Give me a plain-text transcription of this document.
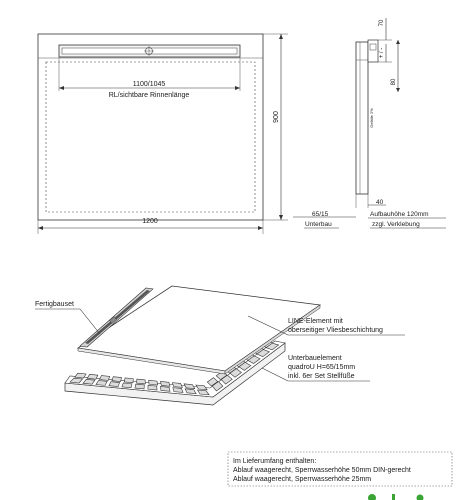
1100/1045
RL/sichtbare Rinnenlänge
900
1200
Gefälle 2%
70
+ / -
80
40
65/15
Unterbau
Aufbauhöhe 120mm
zzgl. Verklebung
Fertigbauset
LINE-Element mit
oberseitiger Vliesbeschichtung
Unterbauelement
quadroU H=65/15mm
inkl. 6er Set Stellfüße
Im Lieferumfang enthalten:
Ablauf waagerecht, Sperrwasserhöhe 50mm DIN-gerecht
Ablauf waagerecht, Sperrwasserhöhe 25mm
